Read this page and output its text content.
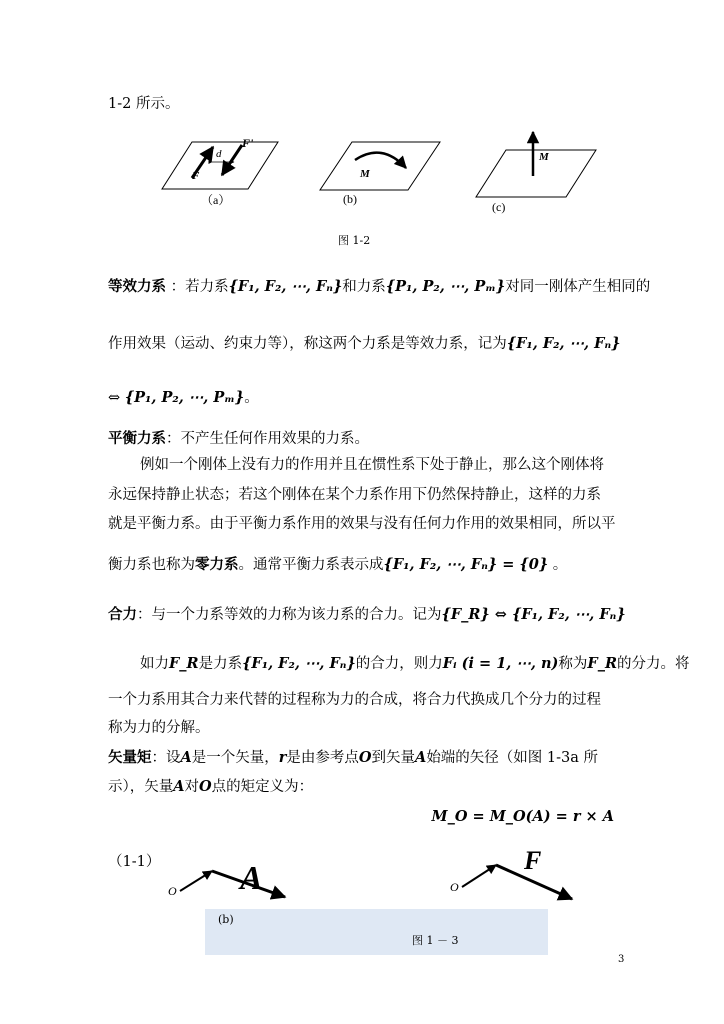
1-2 所示。
F'
d
F
（a）
M
(b)
M
(c)
图 1-2
等效力系 ：若力系{F₁, F₂, ⋯, Fₙ}和力系{P₁, P₂, ⋯, Pₘ}对同一刚体产生相同的
作用效果（运动、约束力等），称这两个力系是等效力系，记为{F₁, F₂, ⋯, Fₙ}
⇔ {P₁, P₂, ⋯, Pₘ}。
平衡力系：不产生任何作用效果的力系。
例如一个刚体上没有力的作用并且在惯性系下处于静止，那么这个刚体将
永远保持静止状态；若这个刚体在某个力系作用下仍然保持静止，这样的力系
就是平衡力系。由于平衡力系作用的效果与没有任何力作用的效果相同，所以平
衡力系也称为零力系。通常平衡力系表示成{F₁, F₂, ⋯, Fₙ} = {0} 。
合力：与一个力系等效的力称为该力系的合力。记为{F_R} ⇔ {F₁, F₂, ⋯, Fₙ}
如力F_R是力系{F₁, F₂, ⋯, Fₙ}的合力，则力Fᵢ (i = 1, ⋯, n)称为F_R的分力。将
一个力系用其合力来代替的过程称为力的合成，将合力代换成几个分力的过程
称为力的分解。
矢量矩：设A是一个矢量，r是由参考点O到矢量A始端的矢径（如图 1-3a 所
示），矢量A对O点的矩定义为：
M_O = M_O(A) = r × A
（1-1）
O A	O
F
(b)
图 1 － 3
3
